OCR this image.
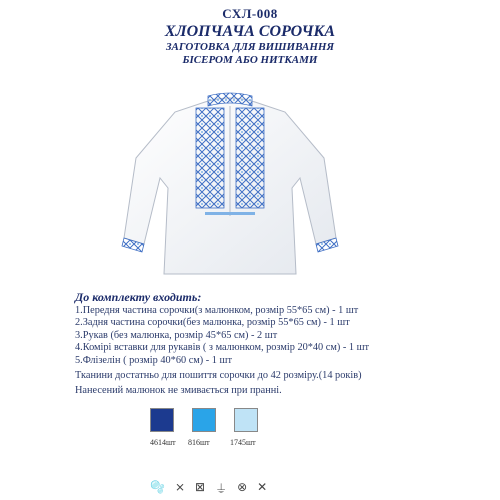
СХЛ-008
ХЛОПЧАЧА СОРОЧКА
ЗАГОТОВКА ДЛЯ ВИШИВАННЯ
БІСЕРОМ АБО НИТКАМИ
До комплекту входить:
1.Передня частина сорочки(з малюнком, розмір 55*65 см) - 1 шт
2.Задня частина сорочки(без малюнка, розмір 55*65 см) - 1 шт
3.Рукав (без малюнка, розмір 45*65 см) - 2 шт
4.Комірі вставки для рукавів ( з малюнком, розмір 20*40 см) - 1 шт
5.Флізелін ( розмір 40*60 см) - 1 шт
Тканини достатньо для пошиття сорочки до 42 розміру.(14 років)
Нанесений малюнок не змивається при пранні.
4614шт 816шт	1745шт
🫧 ⨯ ⊠ ⏚ ⊗ ✕
